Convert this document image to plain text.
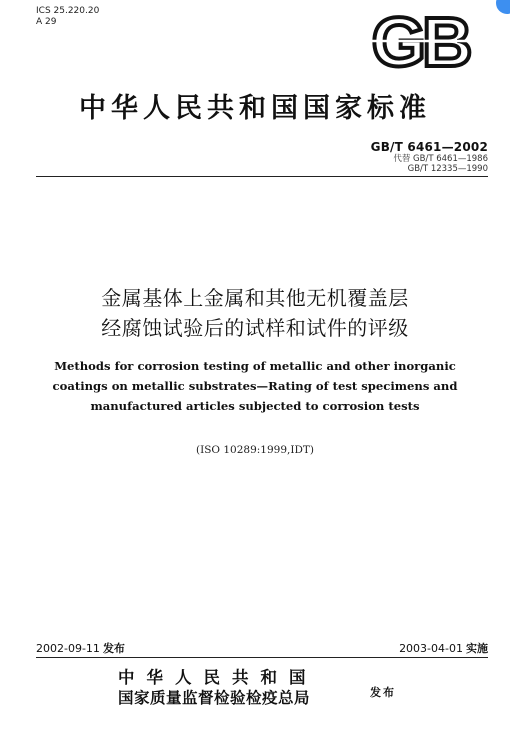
ICS 25.220.20
A 29	GB
中华人民共和国国家标准
GB/T 6461—2002
代替 GB/T 6461—1986
GB/T 12335—1990
金属基体上金属和其他无机覆盖层
经腐蚀试验后的试样和试件的评级
Methods for corrosion testing of metallic and other inorganic
coatings on metallic substrates—Rating of test specimens and
manufactured articles subjected to corrosion tests
(ISO 10289:1999,IDT)
2002-09-11 发布	2003-04-01 实施
中华人民共和国
国家质量监督检验检疫总局	发布
